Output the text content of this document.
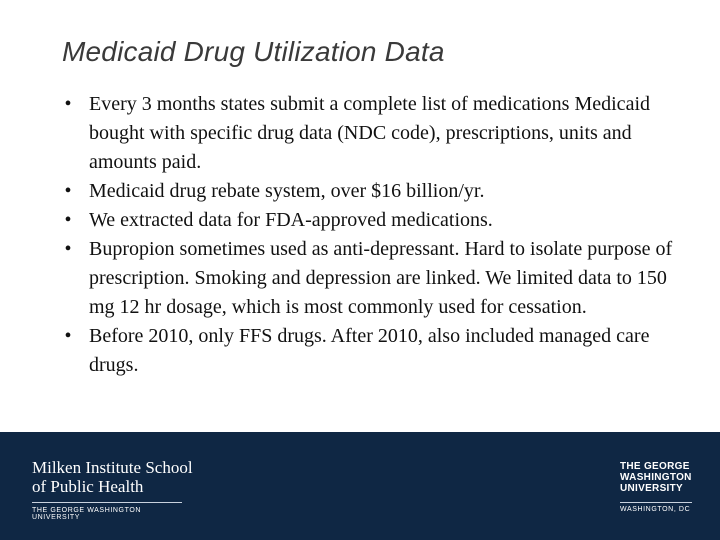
Medicaid Drug Utilization Data
• Every 3 months states submit a complete list of medications Medicaid bought with specific drug data (NDC code), prescriptions, units and amounts paid.
• Medicaid drug rebate system, over $16 billion/yr.
• We extracted data for FDA-approved medications.
• Bupropion sometimes used as anti-depressant. Hard to isolate purpose of prescription. Smoking and depression are linked. We limited data to 150 mg 12 hr dosage, which is most commonly used for cessation.
• Before 2010, only FFS drugs. After 2010, also included managed care drugs.
Milken Institute School
of Public Health
THE GEORGE WASHINGTON UNIVERSITY
THE GEORGE
WASHINGTON
UNIVERSITY
WASHINGTON, DC
